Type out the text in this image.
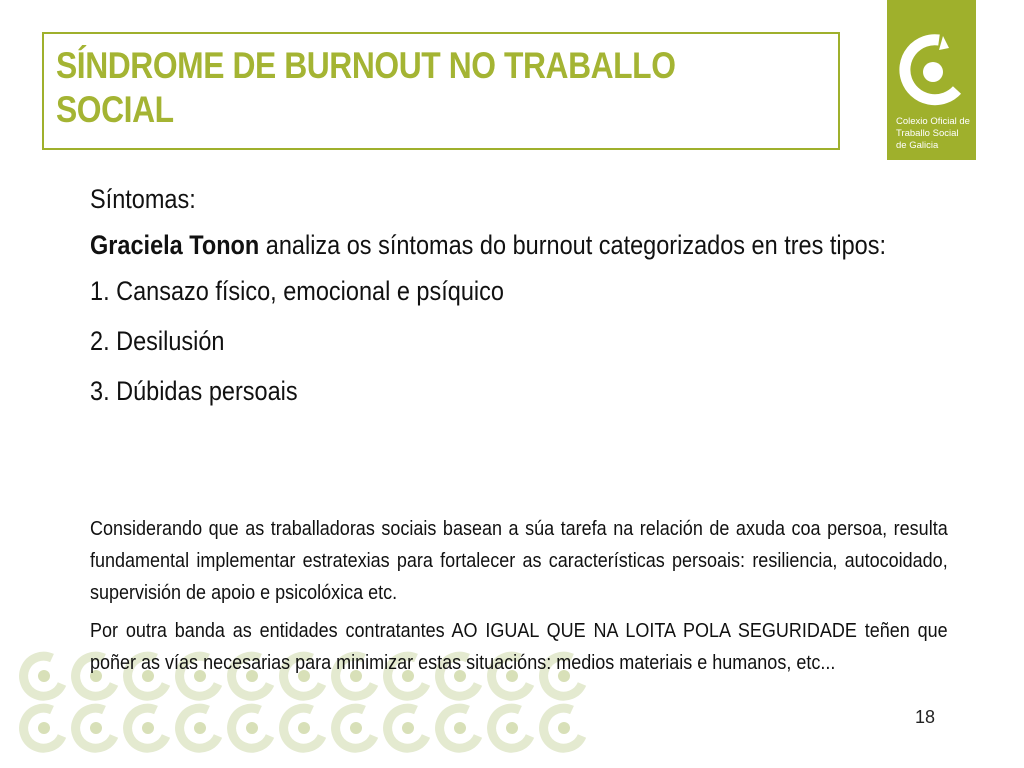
SÍNDROME DE BURNOUT NO TRABALLO
SOCIAL	Colexio Oficial de
Traballo Social
de Galicia

Síntomas:

Graciela Tonon analiza os síntomas do burnout categorizados en tres tipos:

1. Cansazo físico, emocional e psíquico

2. Desilusión

3. Dúbidas persoais

Considerando que as traballadoras sociais basean a súa tarefa na relación de axuda coa persoa, resulta fundamental implementar estratexias para fortalecer as características persoais: resiliencia, autocoidado, supervisión de apoio e psicolóxica etc.

Por outra banda as entidades contratantes AO IGUAL QUE NA LOITA POLA SEGURIDADE teñen que poñer as vías necesarias para minimizar estas situacións: medios materiais e humanos, etc...

18
